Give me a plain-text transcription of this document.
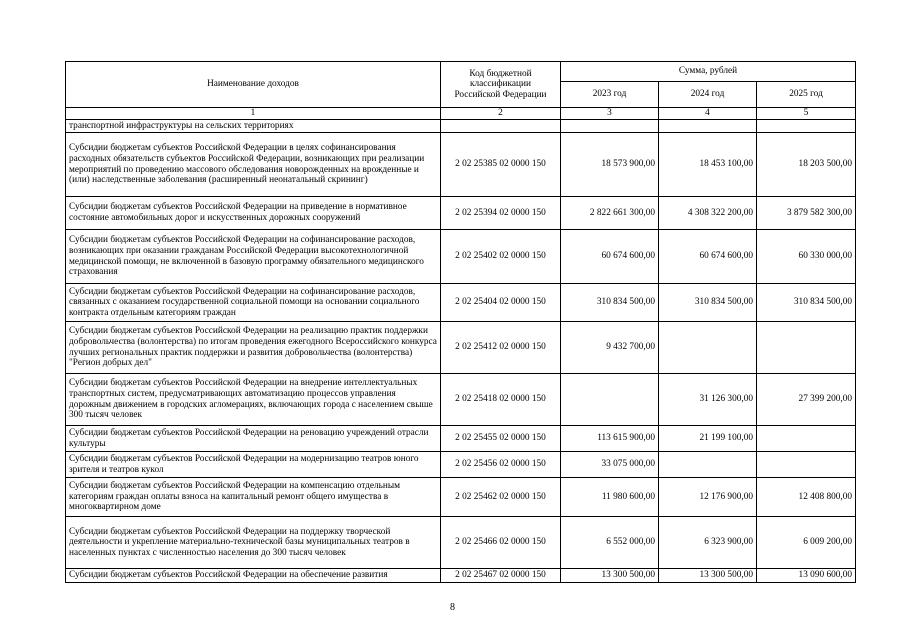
Наименование доходов	Код бюджетной классификации Российской Федерации	Сумма, рублей		
		2023 год	2024 год	2025 год
1	2	3	4	5
транспортной инфраструктуры на сельских территориях				
Субсидии бюджетам субъектов Российской Федерации в целях софинансирования расходных обязательств субъектов Российской Федерации, возникающих при реализации мероприятий по проведению массового обследования новорожденных на врожденные и (или) наследственные заболевания (расширенный неонатальный скрининг)	2 02 25385 02 0000 150	18 573 900,00	18 453 100,00	18 203 500,00
Субсидии бюджетам субъектов Российской Федерации на приведение в нормативное состояние автомобильных дорог и искусственных дорожных сооружений	2 02 25394 02 0000 150	2 822 661 300,00	4 308 322 200,00	3 879 582 300,00
Субсидии бюджетам субъектов Российской Федерации на софинансирование расходов, возникающих при оказании гражданам Российской Федерации высокотехнологичной медицинской помощи, не включенной в базовую программу обязательного медицинского страхования	2 02 25402 02 0000 150	60 674 600,00	60 674 600,00	60 330 000,00
Субсидии бюджетам субъектов Российской Федерации на софинансирование расходов, связанных с оказанием государственной социальной помощи на основании социального контракта отдельным категориям граждан	2 02 25404 02 0000 150	310 834 500,00	310 834 500,00	310 834 500,00
Субсидии бюджетам субъектов Российской Федерации на реализацию практик поддержки добровольчества (волонтерства) по итогам проведения ежегодного Всероссийского конкурса лучших региональных практик поддержки и развития добровольчества (волонтерства) "Регион добрых дел"	2 02 25412 02 0000 150	9 432 700,00		
Субсидии бюджетам субъектов Российской Федерации на внедрение интеллектуальных транспортных систем, предусматривающих автоматизацию процессов управления дорожным движением в городских агломерациях, включающих города с населением свыше 300 тысяч человек	2 02 25418 02 0000 150		31 126 300,00	27 399 200,00
Субсидии бюджетам субъектов Российской Федерации на реновацию учреждений отрасли культуры	2 02 25455 02 0000 150	113 615 900,00	21 199 100,00	
Субсидии бюджетам субъектов Российской Федерации на модернизацию театров юного зрителя и театров кукол	2 02 25456 02 0000 150	33 075 000,00		
Субсидии бюджетам субъектов Российской Федерации на компенсацию отдельным категориям граждан оплаты взноса на капитальный ремонт общего имущества в многоквартирном доме	2 02 25462 02 0000 150	11 980 600,00	12 176 900,00	12 408 800,00
Субсидии бюджетам субъектов Российской Федерации на поддержку творческой деятельности и укрепление материально-технической базы муниципальных театров в населенных пунктах с численностью населения до 300 тысяч человек	2 02 25466 02 0000 150	6 552 000,00	6 323 900,00	6 009 200,00
Субсидии бюджетам субъектов Российской Федерации на обеспечение развития	2 02 25467 02 0000 150	13 300 500,00	13 300 500,00	13 090 600,00
8
